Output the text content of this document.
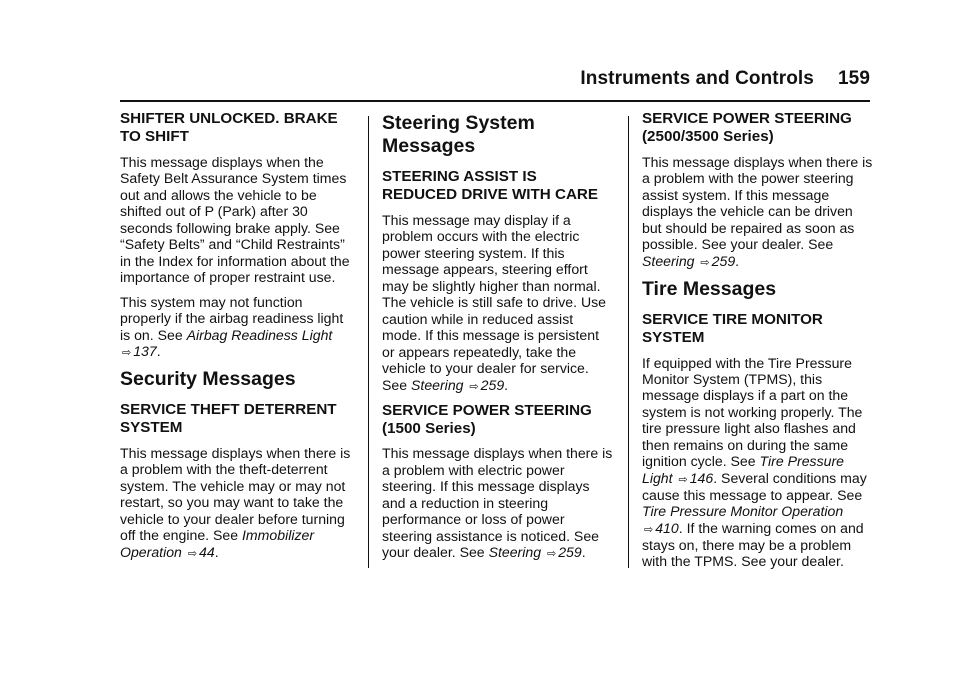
Instruments and Controls 159
SHIFTER UNLOCKED. BRAKE TO SHIFT

This message displays when the Safety Belt Assurance System times out and allows the vehicle to be shifted out of P (Park) after 30 seconds following brake apply. See “Safety Belts” and “Child Restraints” in the Index for information about the importance of proper restraint use.

This system may not function properly if the airbag readiness light is on. See Airbag Readiness Light ⇨ 137.

Security Messages
SERVICE THEFT DETERRENT SYSTEM

This message displays when there is a problem with the theft-deterrent system. The vehicle may or may not restart, so you may want to take the vehicle to your dealer before turning off the engine. See Immobilizer Operation ⇨ 44.

Steering System Messages
STEERING ASSIST IS REDUCED DRIVE WITH CARE

This message may display if a problem occurs with the electric power steering system. If this message appears, steering effort may be slightly higher than normal. The vehicle is still safe to drive. Use caution while in reduced assist mode. If this message is persistent or appears repeatedly, take the vehicle to your dealer for service. See Steering ⇨ 259.

SERVICE POWER STEERING (1500 Series)

This message displays when there is a problem with electric power steering. If this message displays and a reduction in steering performance or loss of power steering assistance is noticed. See your dealer. See Steering ⇨ 259.

SERVICE POWER STEERING (2500/3500 Series)

This message displays when there is a problem with the power steering assist system. If this message displays the vehicle can be driven but should be repaired as soon as possible. See your dealer. See Steering ⇨ 259.

Tire Messages
SERVICE TIRE MONITOR SYSTEM

If equipped with the Tire Pressure Monitor System (TPMS), this message displays if a part on the system is not working properly. The tire pressure light also flashes and then remains on during the same ignition cycle. See Tire Pressure Light ⇨ 146. Several conditions may cause this message to appear. See Tire Pressure Monitor Operation ⇨ 410. If the warning comes on and stays on, there may be a problem with the TPMS. See your dealer.
